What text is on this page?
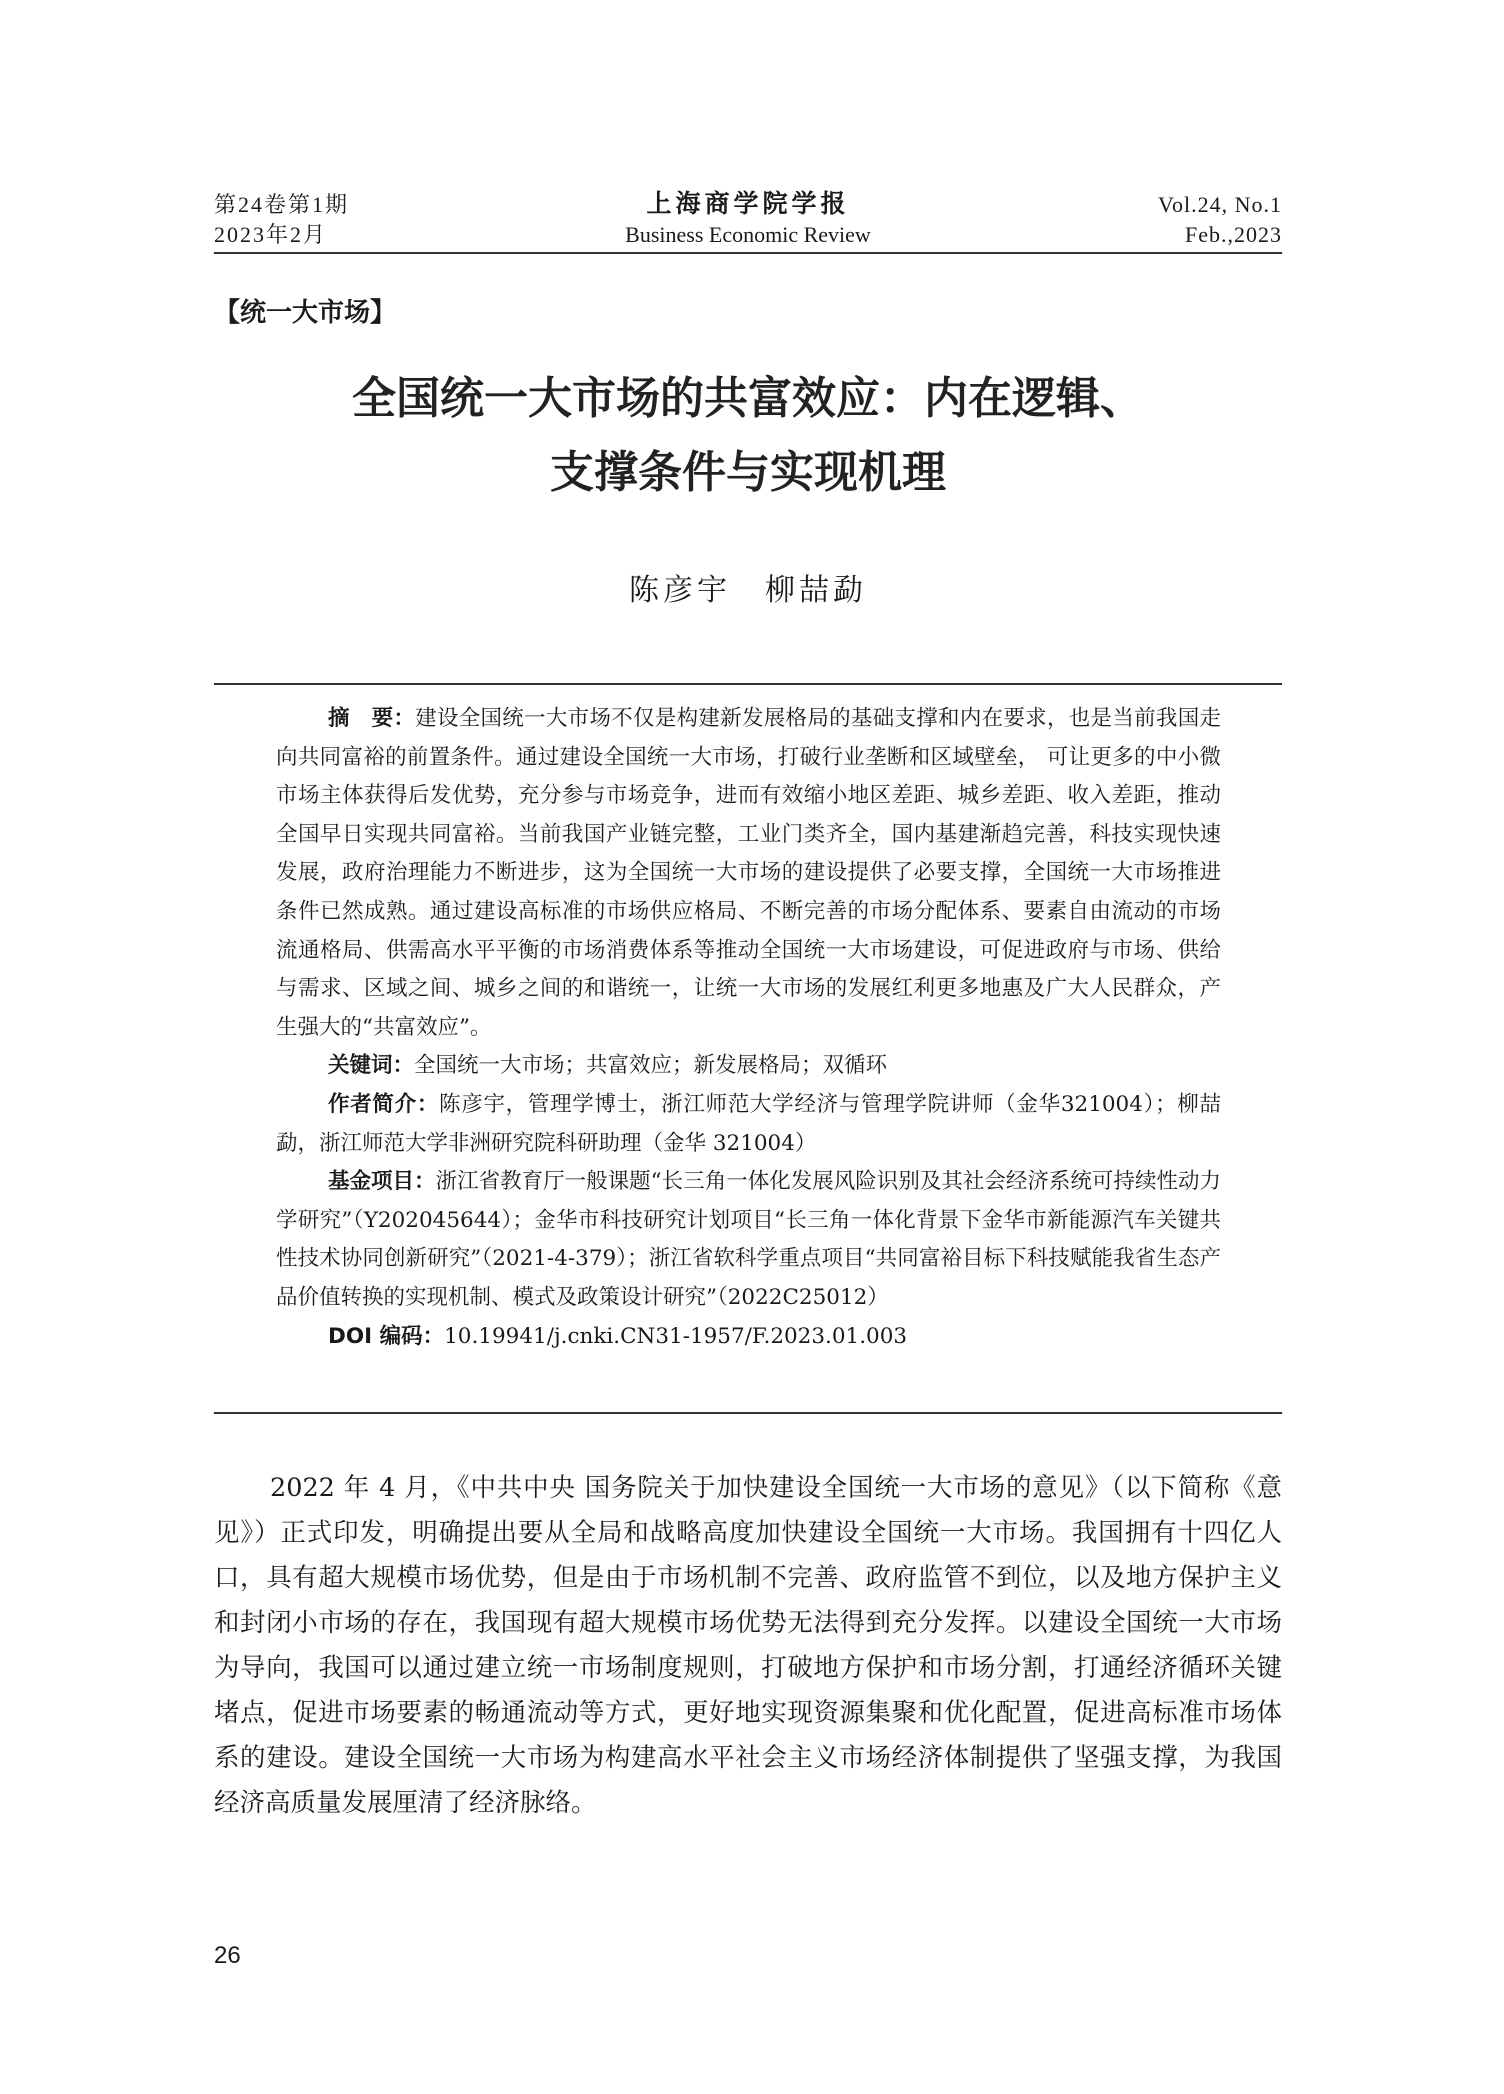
第24卷第1期
2023年2月
上海商学院学报
Business Economic Review
Vol.24, No.1
Feb.,2023
【统一大市场】
全国统一大市场的共富效应：内在逻辑、
支撑条件与实现机理
陈彦宇　柳喆勐

摘　要：建设全国统一大市场不仅是构建新发展格局的基础支撑和内在要求，也是当前我国走向共同富裕的前置条件。通过建设全国统一大市场，打破行业垄断和区域壁垒， 可让更多的中小微市场主体获得后发优势，充分参与市场竞争，进而有效缩小地区差距、城乡差距、收入差距，推动全国早日实现共同富裕。当前我国产业链完整，工业门类齐全，国内基建渐趋完善，科技实现快速发展，政府治理能力不断进步，这为全国统一大市场的建设提供了必要支撑，全国统一大市场推进条件已然成熟。通过建设高标准的市场供应格局、不断完善的市场分配体系、要素自由流动的市场流通格局、供需高水平平衡的市场消费体系等推动全国统一大市场建设，可促进政府与市场、供给与需求、区域之间、城乡之间的和谐统一，让统一大市场的发展红利更多地惠及广大人民群众，产生强大的“共富效应”。

关键词：全国统一大市场；共富效应；新发展格局；双循环

作者简介：陈彦宇，管理学博士，浙江师范大学经济与管理学院讲师（金华321004）；柳喆勐，浙江师范大学非洲研究院科研助理（金华 321004）

基金项目：浙江省教育厅一般课题“长三角一体化发展风险识别及其社会经济系统可持续性动力学研究”（Y202045644）；金华市科技研究计划项目“长三角一体化背景下金华市新能源汽车关键共性技术协同创新研究”（2021-4-379）；浙江省软科学重点项目“共同富裕目标下科技赋能我省生态产品价值转换的实现机制、模式及政策设计研究”（2022C25012）

DOI 编码：10.19941/j.cnki.CN31-1957/F.2023.01.003

2022 年 4 月，《中共中央 国务院关于加快建设全国统一大市场的意见》（以下简称《意见》）正式印发，明确提出要从全局和战略高度加快建设全国统一大市场。我国拥有十四亿人口，具有超大规模市场优势，但是由于市场机制不完善、政府监管不到位，以及地方保护主义和封闭小市场的存在，我国现有超大规模市场优势无法得到充分发挥。以建设全国统一大市场为导向，我国可以通过建立统一市场制度规则，打破地方保护和市场分割，打通经济循环关键堵点，促进市场要素的畅通流动等方式，更好地实现资源集聚和优化配置，促进高标准市场体系的建设。建设全国统一大市场为构建高水平社会主义市场经济体制提供了坚强支撑，为我国经济高质量发展厘清了经济脉络。

26
